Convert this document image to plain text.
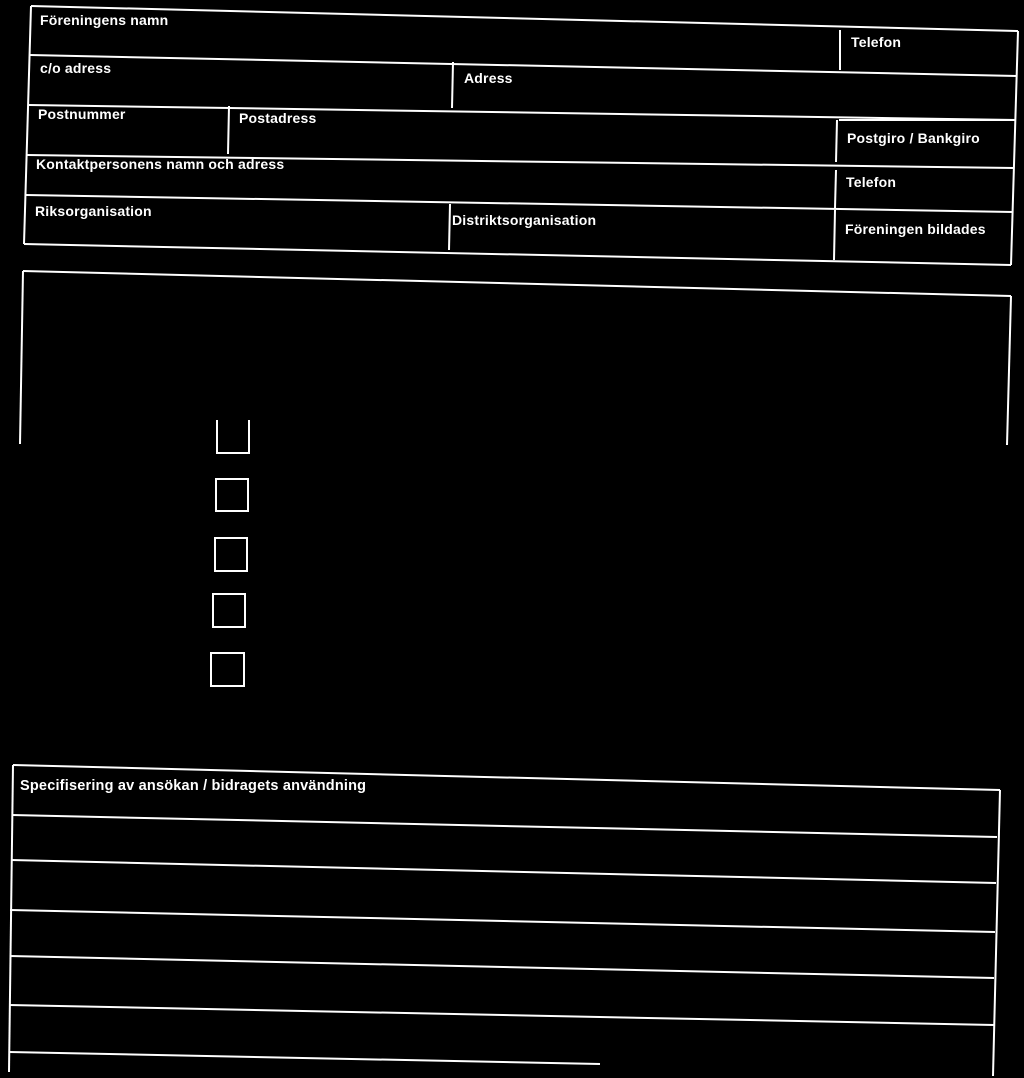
Föreningens namn
Telefon
c/o adress
Adress
Postnummer	Postadress
Postgiro / Bankgiro
Kontaktpersonens namn och adress
Telefon
Riksorganisation
Distriktsorganisation
Föreningen bildades
Specifisering av ansökan / bidragets användning
